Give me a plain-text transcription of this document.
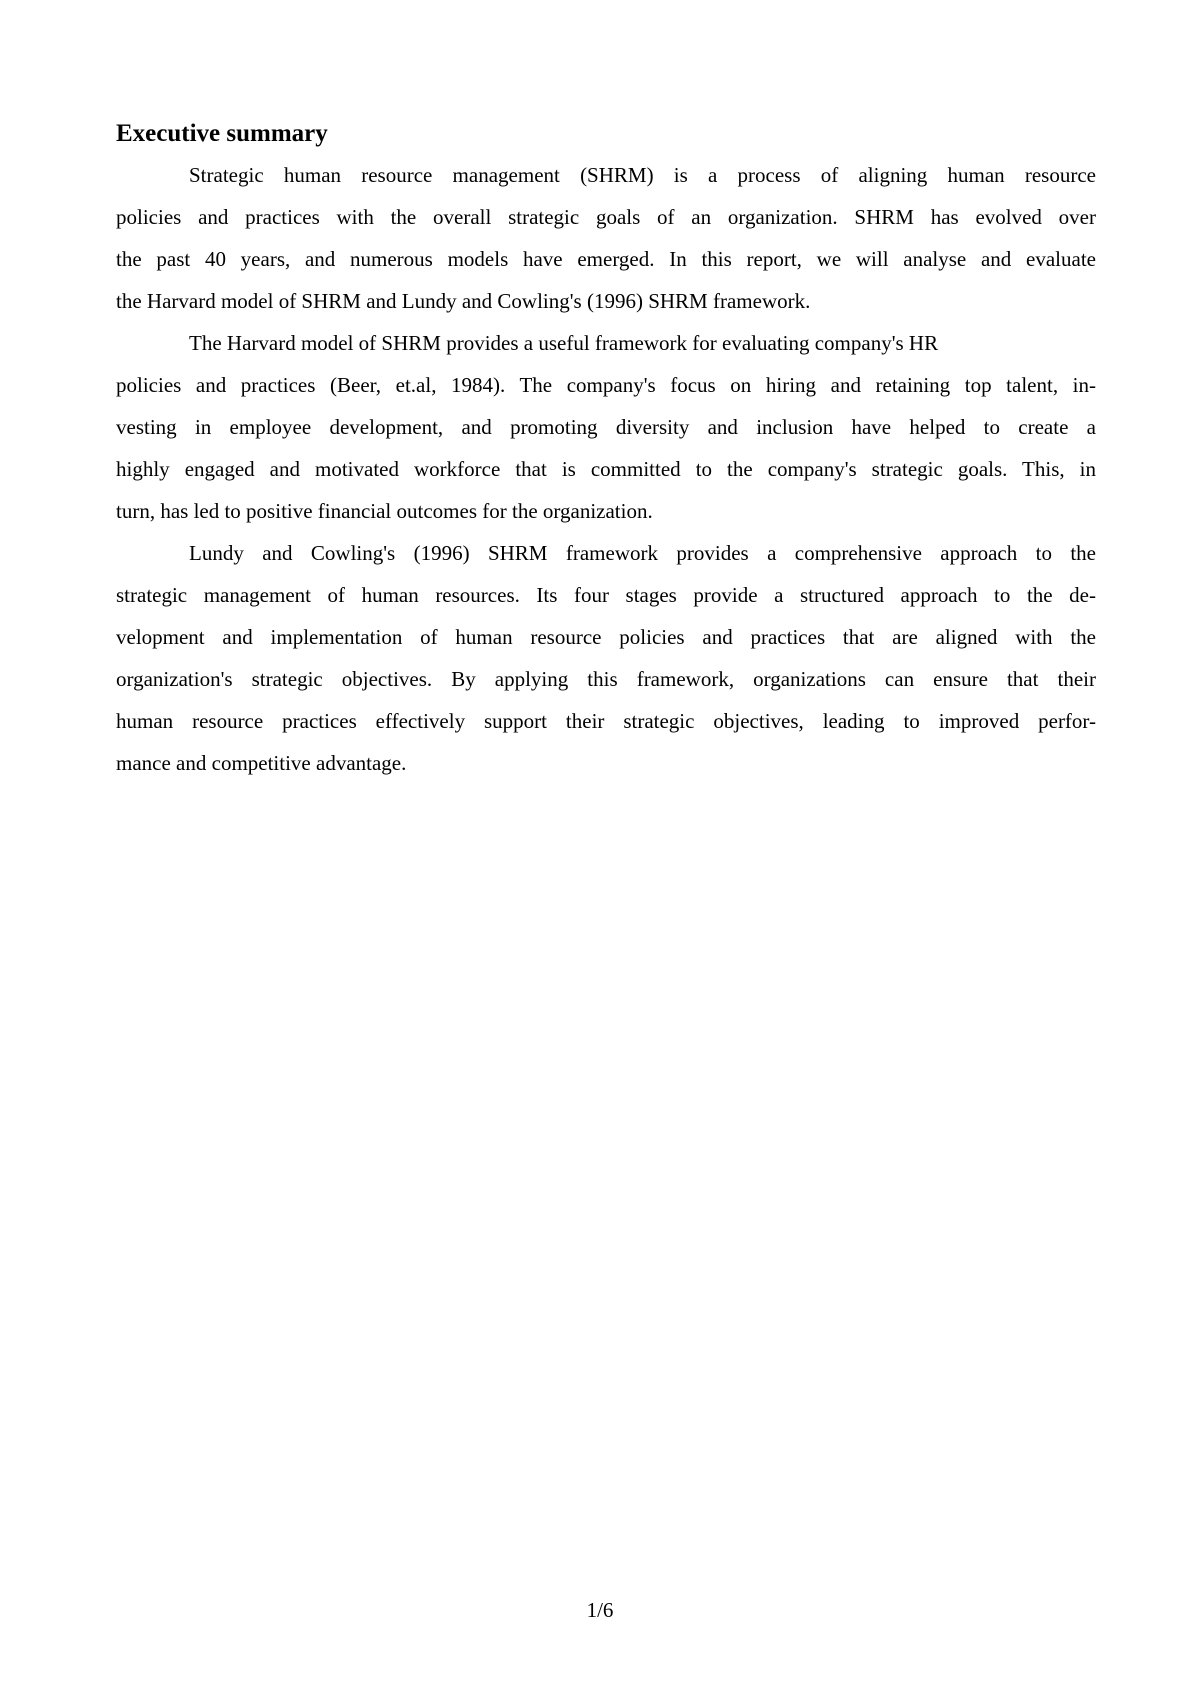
Executive summary

Strategic human resource management (SHRM) is a process of aligning human resource
policies and practices with the overall strategic goals of an organization. SHRM has evolved over
the past 40 years, and numerous models have emerged. In this report, we will analyse and evaluate
the Harvard model of SHRM and Lundy and Cowling's (1996) SHRM framework.

The Harvard model of SHRM provides a useful framework for evaluating company's HR
policies and practices (Beer, et.al, 1984). The company's focus on hiring and retaining top talent, in-
vesting in employee development, and promoting diversity and inclusion have helped to create a
highly engaged and motivated workforce that is committed to the company's strategic goals. This, in
turn, has led to positive financial outcomes for the organization.

Lundy and Cowling's (1996) SHRM framework provides a comprehensive approach to the
strategic management of human resources. Its four stages provide a structured approach to the de-
velopment and implementation of human resource policies and practices that are aligned with the
organization's strategic objectives. By applying this framework, organizations can ensure that their
human resource practices effectively support their strategic objectives, leading to improved perfor-
mance and competitive advantage.

1/6
